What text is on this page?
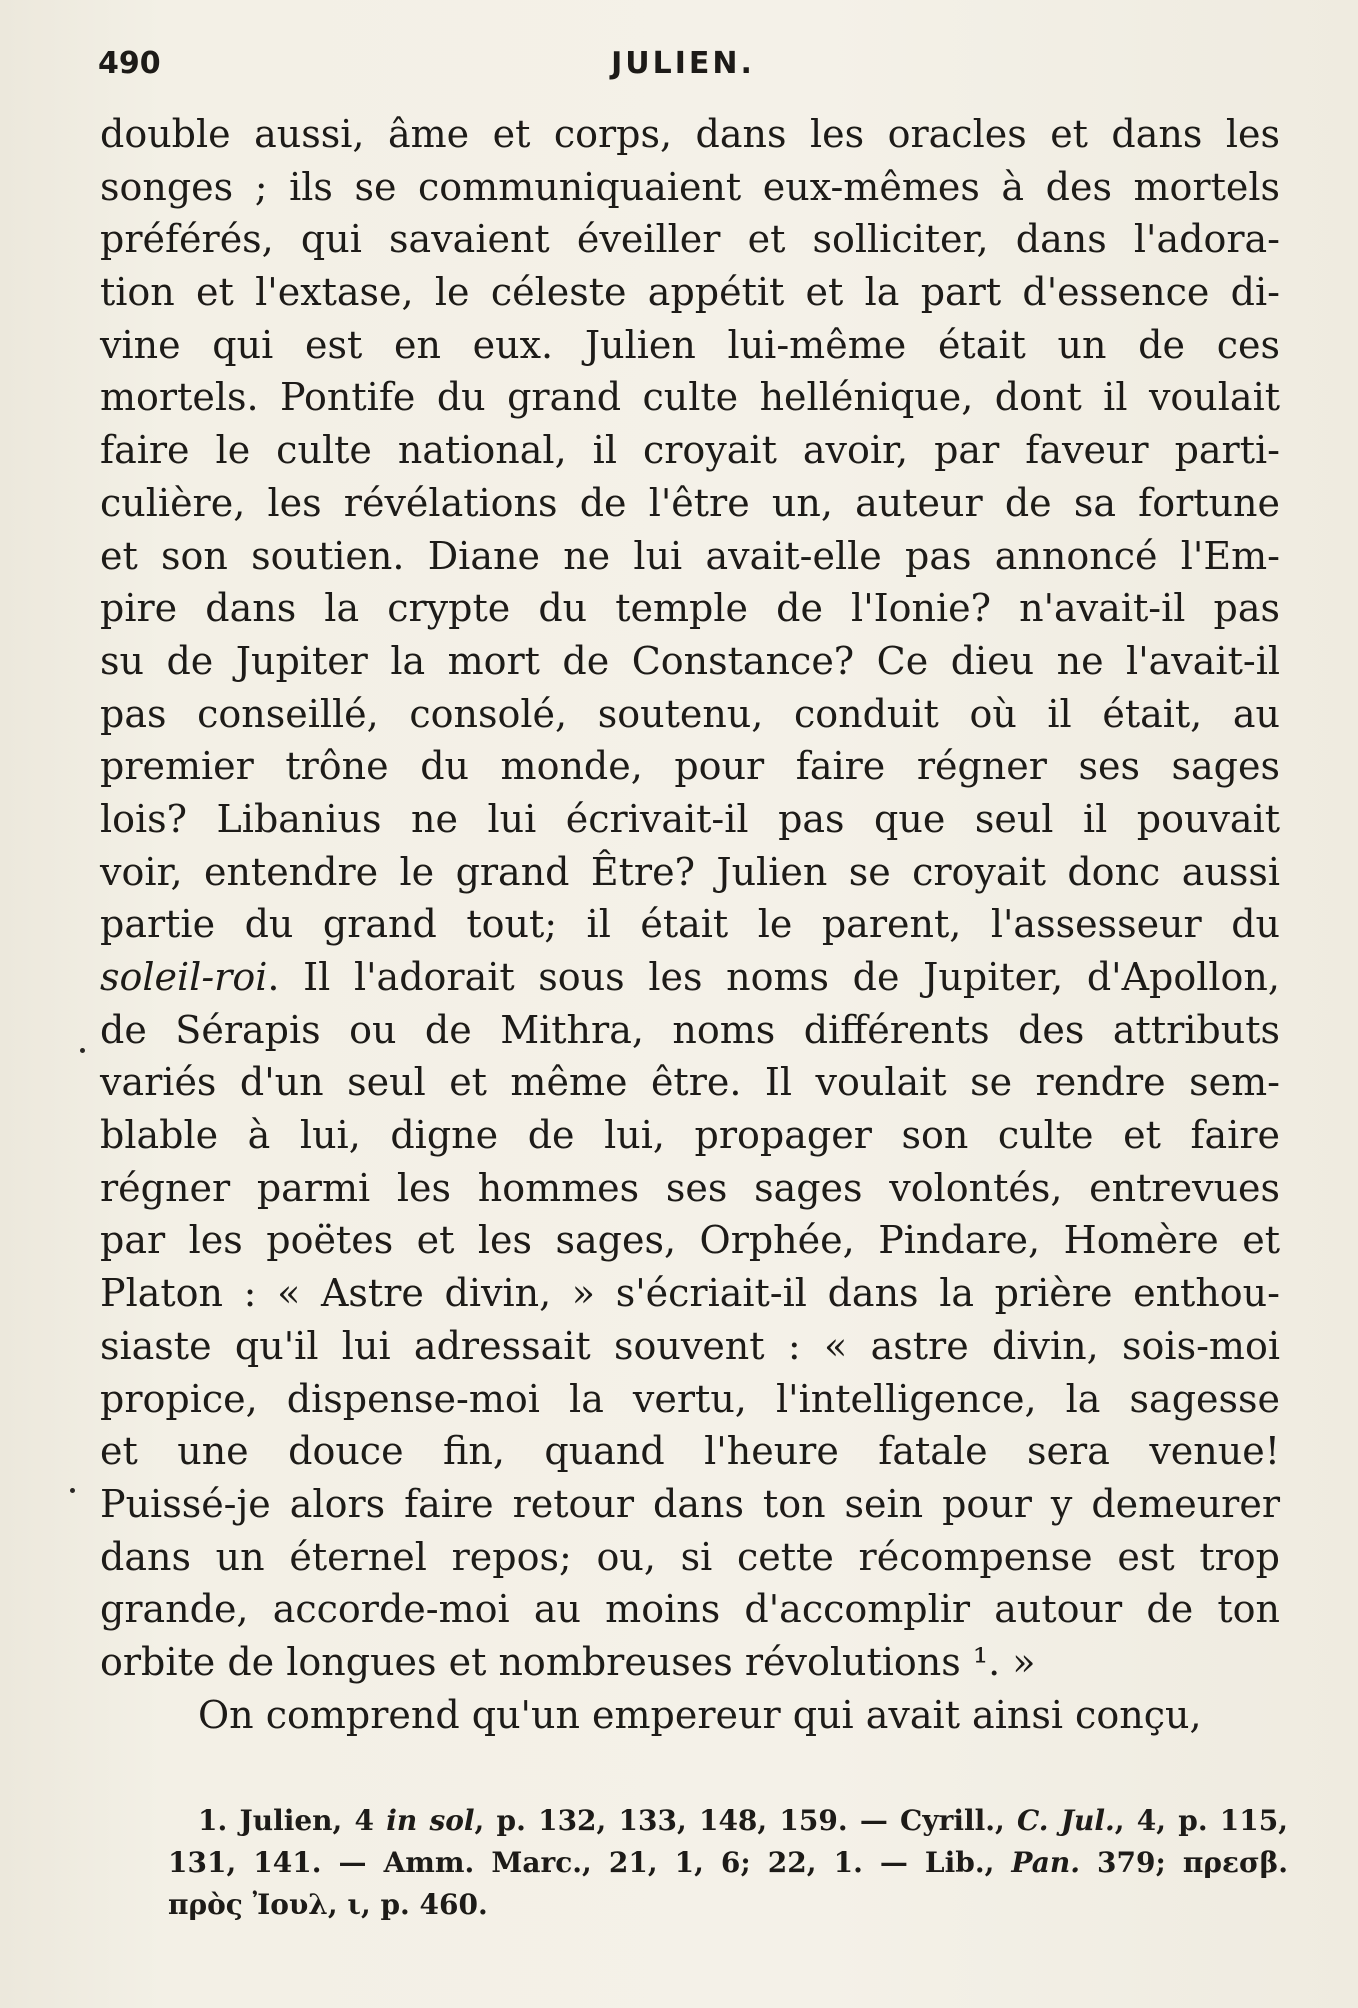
490	JULIEN.
double aussi, âme et corps, dans les oracles et dans les
songes ; ils se communiquaient eux-mêmes à des mortels
préférés, qui savaient éveiller et solliciter, dans l'adora-
tion et l'extase, le céleste appétit et la part d'essence di-
vine qui est en eux. Julien lui-même était un de ces
mortels. Pontife du grand culte hellénique, dont il voulait
faire le culte national, il croyait avoir, par faveur parti-
culière, les révélations de l'être un, auteur de sa fortune
et son soutien. Diane ne lui avait-elle pas annoncé l'Em-
pire dans la crypte du temple de l'Ionie? n'avait-il pas
su de Jupiter la mort de Constance? Ce dieu ne l'avait-il
pas conseillé, consolé, soutenu, conduit où il était, au
premier trône du monde, pour faire régner ses sages
lois? Libanius ne lui écrivait-il pas que seul il pouvait
voir, entendre le grand Être? Julien se croyait donc aussi
partie du grand tout; il était le parent, l'assesseur du
soleil-roi. Il l'adorait sous les noms de Jupiter, d'Apollon,
de Sérapis ou de Mithra, noms différents des attributs
variés d'un seul et même être. Il voulait se rendre sem-
blable à lui, digne de lui, propager son culte et faire
régner parmi les hommes ses sages volontés, entrevues
par les poëtes et les sages, Orphée, Pindare, Homère et
Platon : « Astre divin, » s'écriait-il dans la prière enthou-
siaste qu'il lui adressait souvent : « astre divin, sois-moi
propice, dispense-moi la vertu, l'intelligence, la sagesse
et une douce fin, quand l'heure fatale sera venue!
Puissé-je alors faire retour dans ton sein pour y demeurer
dans un éternel repos; ou, si cette récompense est trop
grande, accorde-moi au moins d'accomplir autour de ton
orbite de longues et nombreuses révolutions ¹. »
On comprend qu'un empereur qui avait ainsi conçu,
1. Julien, 4 in sol, p. 132, 133, 148, 159. — Cyrill., C. Jul., 4, p. 115,
131, 141. — Amm. Marc., 21, 1, 6; 22, 1. — Lib., Pan. 379; πρεσβ.
πρὸς Ἰουλ, ι, p. 460.
